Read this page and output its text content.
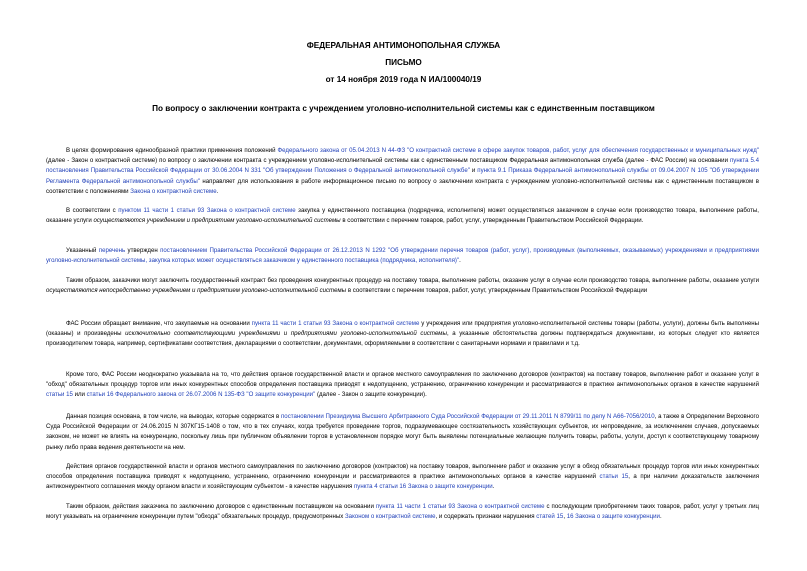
ФЕДЕРАЛЬНАЯ АНТИМОНОПОЛЬНАЯ СЛУЖБА
ПИСЬМО
от 14 ноября 2019 года N ИА/100040/19
По вопросу о заключении контракта с учреждением уголовно-исполнительной системы как с единственным поставщиком

В целях формирования единообразной практики применения положений Федерального закона от 05.04.2013 N 44-ФЗ "О контрактной системе в сфере закупок товаров, работ, услуг для обеспечения государственных и муниципальных нужд" (далее - Закон о контрактной системе) по вопросу о заключении контракта с учреждением уголовно-исполнительной системы как с единственным поставщиком Федеральная антимонопольная служба (далее - ФАС России) на основании пункта 5.4 постановления Правительства Российской Федерации от 30.06.2004 N 331 "Об утверждении Положения о Федеральной антимонопольной службе" и пункта 9.1 Приказа Федеральной антимонопольной службы от 09.04.2007 N 105 "Об утверждении Регламента Федеральной антимонопольной службы" направляет для использования в работе информационное письмо по вопросу о заключении контракта с учреждением уголовно-исполнительной системы как с единственным поставщиком в соответствии с положениями Закона о контрактной системе.

В соответствии с пунктом 11 части 1 статьи 93 Закона о контрактной системе закупка у единственного поставщика (подрядчика, исполнителя) может осуществляться заказчиком в случае если производство товара, выполнение работы, оказание услуги осуществляются учреждением и предприятием уголовно-исполнительной системы в соответствии с перечнем товаров, работ, услуг, утвержденным Правительством Российской Федерации.

Указанный перечень утвержден постановлением Правительства Российской Федерации от 26.12.2013 N 1292 "Об утверждении перечня товаров (работ, услуг), производимых (выполняемых, оказываемых) учреждениями и предприятиями уголовно-исполнительной системы, закупка которых может осуществляться заказчиком у единственного поставщика (подрядчика, исполнителя)".

Таким образом, заказчики могут заключить государственный контракт без проведения конкурентных процедур на поставку товара, выполнение работы, оказание услуг в случае если производство товара, выполнение работы, оказание услуги осуществляются непосредственно учреждением и предприятием уголовно-исполнительной системы в соответствии с перечнем товаров, работ, услуг, утвержденным Правительством Российской Федерации

ФАС России обращает внимание, что закупаемые на основании пункта 11 части 1 статьи 93 Закона о контрактной системе у учреждения или предприятия уголовно-исполнительной системы товары (работы, услуги), должны быть выполнены (оказаны) и произведены исключительно соответствующими учреждениями и предприятиями уголовно-исполнительной системы, а указанные обстоятельства должны подтверждаться документами, из которых следует кто является производителем товара, например, сертификатами соответствия, декларациями о соответствии, документами, оформляемыми в соответствии с санитарными нормами и правилами и т.д.

Кроме того, ФАС России неоднократно указывала на то, что действия органов государственной власти и органов местного самоуправления по заключению договоров (контрактов) на поставку товаров, выполнение работ и оказание услуг в "обход" обязательных процедур торгов или иных конкурентных способов определения поставщика приводят к недопущению, устранению, ограничению конкуренции и рассматриваются в практике антимонопольных органов в качестве нарушений статьи 15 или статьи 16 Федерального закона от 26.07.2006 N 135-ФЗ "О защите конкуренции" (далее - Закон о защите конкуренции).

Данная позиция основана, в том числе, на выводах, которые содержатся в постановлении Президиума Высшего Арбитражного Суда Российской Федерации от 29.11.2011 N 8799/11 по делу N А66-7056/2010, а также в Определении Верховного Суда Российской Федерации от 24.06.2015 N 307КГ15-1408 о том, что в тех случаях, когда требуется проведение торгов, подразумевающее состязательность хозяйствующих субъектов, их непроведение, за исключением случаев, допускаемых законом, не может не влиять на конкуренцию, поскольку лишь при публичном объявлении торгов в установленном порядке могут быть выявлены потенциальные желающие получить товары, работы, услуги, доступ к соответствующему товарному рынку либо права ведения деятельности на нем.

Действия органов государственной власти и органов местного самоуправления по заключению договоров (контрактов) на поставку товаров, выполнение работ и оказание услуг в обход обязательных процедур торгов или иных конкурентных способов определения поставщика приводят к недопущению, устранению, ограничению конкуренции и рассматриваются в практике антимонопольных органов в качестве нарушений статьи 15, а при наличии доказательств заключения антиконкурентного соглашения между органом власти и хозяйствующим субъектом - в качестве нарушения пункта 4 статьи 16 Закона о защите конкуренции.

Таким образом, действия заказчика по заключению договоров с единственным поставщиком на основании пункта 11 части 1 статьи 93 Закона о контрактной системе с последующим приобретением таких товаров, работ, услуг у третьих лиц могут указывать на ограничение конкуренции путем "обхода" обязательных процедур, предусмотренных Законом о контрактной системе, и содержать признаки нарушения статей 15, 16 Закона о защите конкуренции.
